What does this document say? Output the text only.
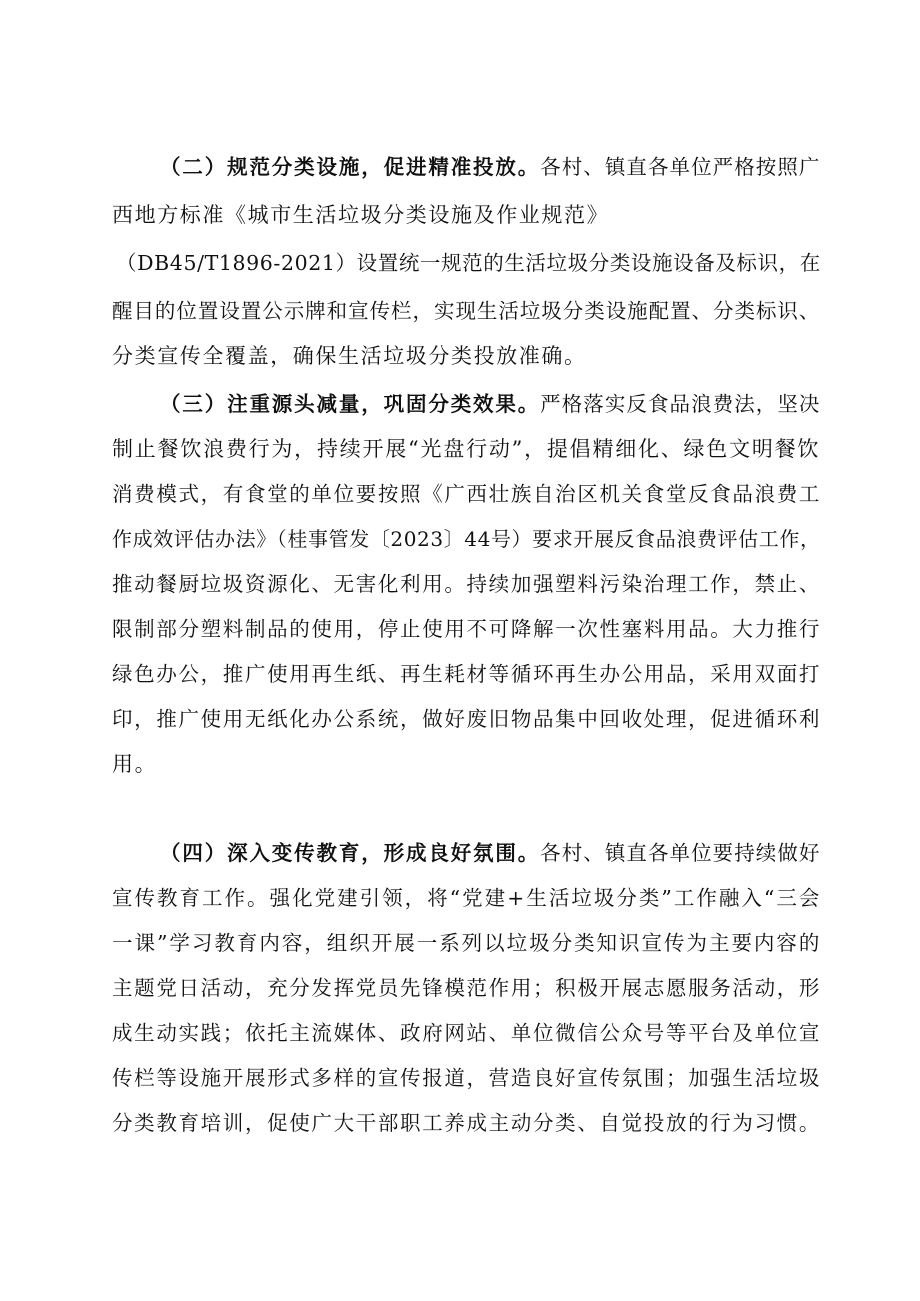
（二）规范分类设施，促进精准投放。各村、镇直各单位严格按照广
西地方标准《城市生活垃圾分类设施及作业规范》
（DB45/T1896-2021）设置统一规范的生活垃圾分类设施设备及标识，在
醒目的位置设置公示牌和宣传栏，实现生活垃圾分类设施配置、分类标识、
分类宣传全覆盖，确保生活垃圾分类投放准确。
（三）注重源头减量，巩固分类效果。严格落实反食品浪费法，坚决
制止餐饮浪费行为，持续开展“光盘行动”，提倡精细化、绿色文明餐饮
消费模式，有食堂的单位要按照《广西壮族自治区机关食堂反食品浪费工
作成效评估办法》（桂事管发〔2023〕44号）要求开展反食品浪费评估工作，
推动餐厨垃圾资源化、无害化利用。持续加强塑料污染治理工作，禁止、
限制部分塑料制品的使用，停止使用不可降解一次性塞料用品。大力推行
绿色办公，推广使用再生纸、再生耗材等循环再生办公用品，采用双面打
印，推广使用无纸化办公系统，做好废旧物品集中回收处理，促进循环利
用。
（四）深入变传教育，形成良好氛围。各村、镇直各单位要持续做好
宣传教育工作。强化党建引领，将“党建+生活垃圾分类”工作融入“三会
一课”学习教育内容，组织开展一系列以垃圾分类知识宣传为主要内容的
主题党日活动，充分发挥党员先锋模范作用；积极开展志愿服务活动，形
成生动实践；依托主流媒体、政府网站、单位微信公众号等平台及单位宣
传栏等设施开展形式多样的宣传报道，营造良好宣传氛围；加强生活垃圾
分类教育培训，促使广大干部职工养成主动分类、自觉投放的行为习惯。
